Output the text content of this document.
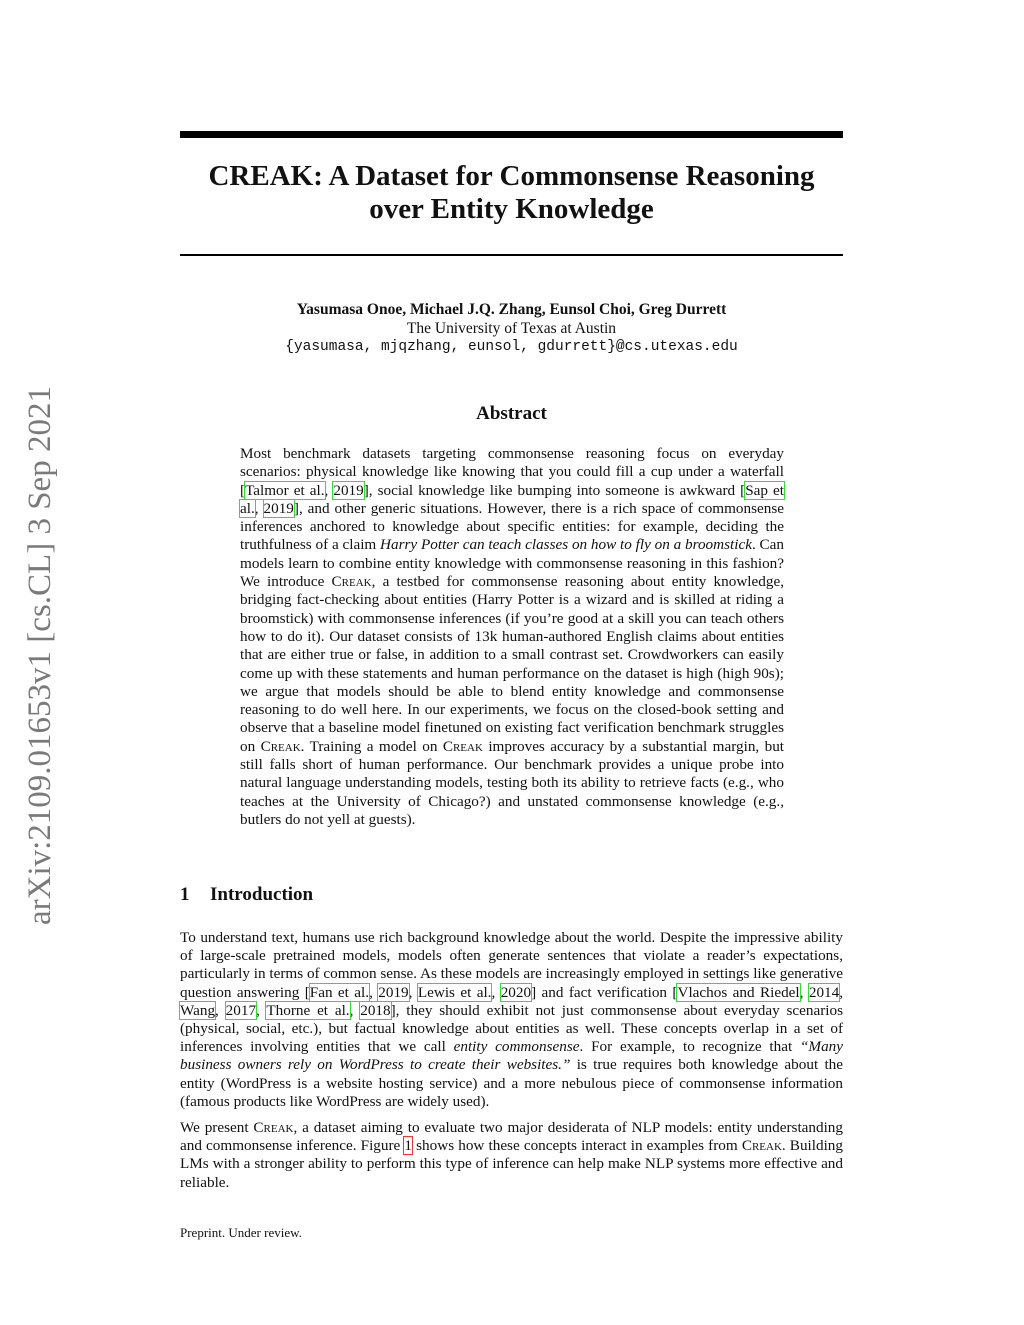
arXiv:2109.01653v1 [cs.CL] 3 Sep 2021
CREAK: A Dataset for Commonsense Reasoning
over Entity Knowledge
Yasumasa Onoe, Michael J.Q. Zhang, Eunsol Choi, Greg Durrett
The University of Texas at Austin
{yasumasa, mjqzhang, eunsol, gdurrett}@cs.utexas.edu
Abstract
Most benchmark datasets targeting commonsense reasoning focus on everyday scenarios: physical knowledge like knowing that you could fill a cup under a waterfall [Talmor et al., 2019], social knowledge like bumping into someone is awkward [Sap et al., 2019], and other generic situations. However, there is a rich space of commonsense inferences anchored to knowledge about specific entities: for example, deciding the truthfulness of a claim Harry Potter can teach classes on how to fly on a broomstick. Can models learn to combine entity knowledge with commonsense reasoning in this fashion? We introduce Creak, a testbed for commonsense reasoning about entity knowledge, bridging fact-checking about entities (Harry Potter is a wizard and is skilled at riding a broomstick) with commonsense inferences (if you’re good at a skill you can teach others how to do it). Our dataset consists of 13k human-authored English claims about entities that are either true or false, in addition to a small contrast set. Crowdworkers can easily come up with these statements and human performance on the dataset is high (high 90s); we argue that models should be able to blend entity knowledge and commonsense reasoning to do well here. In our experiments, we focus on the closed-book setting and observe that a baseline model finetuned on existing fact verification benchmark struggles on Creak. Training a model on Creak improves accuracy by a substantial margin, but still falls short of human performance. Our benchmark provides a unique probe into natural language understanding models, testing both its ability to retrieve facts (e.g., who teaches at the University of Chicago?) and unstated commonsense knowledge (e.g., butlers do not yell at guests).
1 Introduction

To understand text, humans use rich background knowledge about the world. Despite the impressive ability of large-scale pretrained models, models often generate sentences that violate a reader’s expectations, particularly in terms of common sense. As these models are increasingly employed in settings like generative question answering [Fan et al., 2019, Lewis et al., 2020] and fact verification [Vlachos and Riedel, 2014, Wang, 2017, Thorne et al., 2018], they should exhibit not just commonsense about everyday scenarios (physical, social, etc.), but factual knowledge about entities as well. These concepts overlap in a set of inferences involving entities that we call entity commonsense. For example, to recognize that “Many business owners rely on WordPress to create their websites.” is true requires both knowledge about the entity (WordPress is a website hosting service) and a more nebulous piece of commonsense information (famous products like WordPress are widely used).

We present Creak, a dataset aiming to evaluate two major desiderata of NLP models: entity understanding and commonsense inference. Figure 1 shows how these concepts interact in examples from Creak. Building LMs with a stronger ability to perform this type of inference can help make NLP systems more effective and reliable.

Preprint. Under review.
